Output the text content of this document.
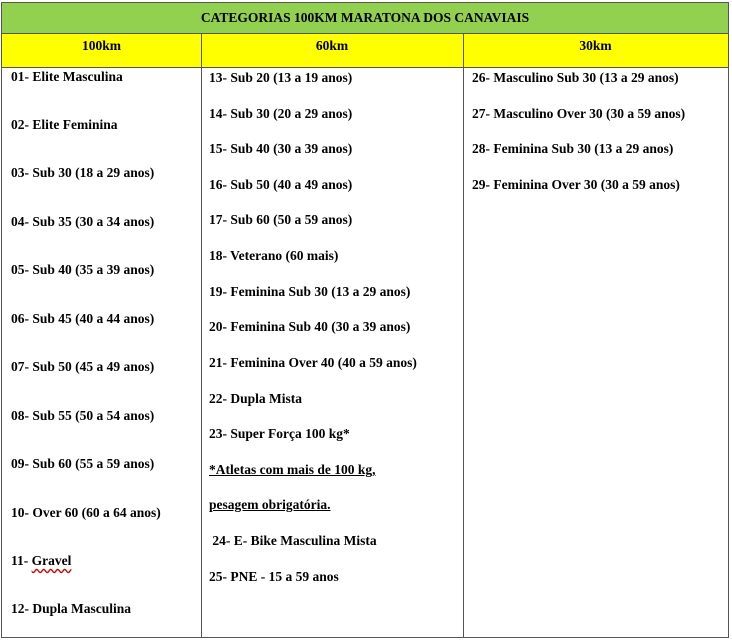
CATEGORIAS 100KM MARATONA DOS CANAVIAIS
100km	60km	30km
01- Elite Masculina
02- Elite Feminina
03- Sub 30 (18 a 29 anos)
04- Sub 35 (30 a 34 anos)
05- Sub 40 (35 a 39 anos)
06- Sub 45 (40 a 44 anos)
07- Sub 50 (45 a 49 anos)
08- Sub 55 (50 a 54 anos)
09- Sub 60 (55 a 59 anos)
10- Over 60 (60 a 64 anos)
11- Gravel
12- Dupla Masculina
13- Sub 20 (13 a 19 anos)
14- Sub 30 (20 a 29 anos)
15- Sub 40 (30 a 39 anos)
16- Sub 50 (40 a 49 anos)
17- Sub 60 (50 a 59 anos)
18- Veterano (60 mais)
19- Feminina Sub 30 (13 a 29 anos)
20- Feminina Sub 40 (30 a 39 anos)
21- Feminina Over 40 (40 a 59 anos)
22- Dupla Mista
23- Super Força 100 kg*
*Atletas com mais de 100 kg,
pesagem obrigatória.
24- E- Bike Masculina Mista
25- PNE - 15 a 59 anos
26- Masculino Sub 30 (13 a 29 anos)
27- Masculino Over 30 (30 a 59 anos)
28- Feminina Sub 30 (13 a 29 anos)
29- Feminina Over 30 (30 a 59 anos)
